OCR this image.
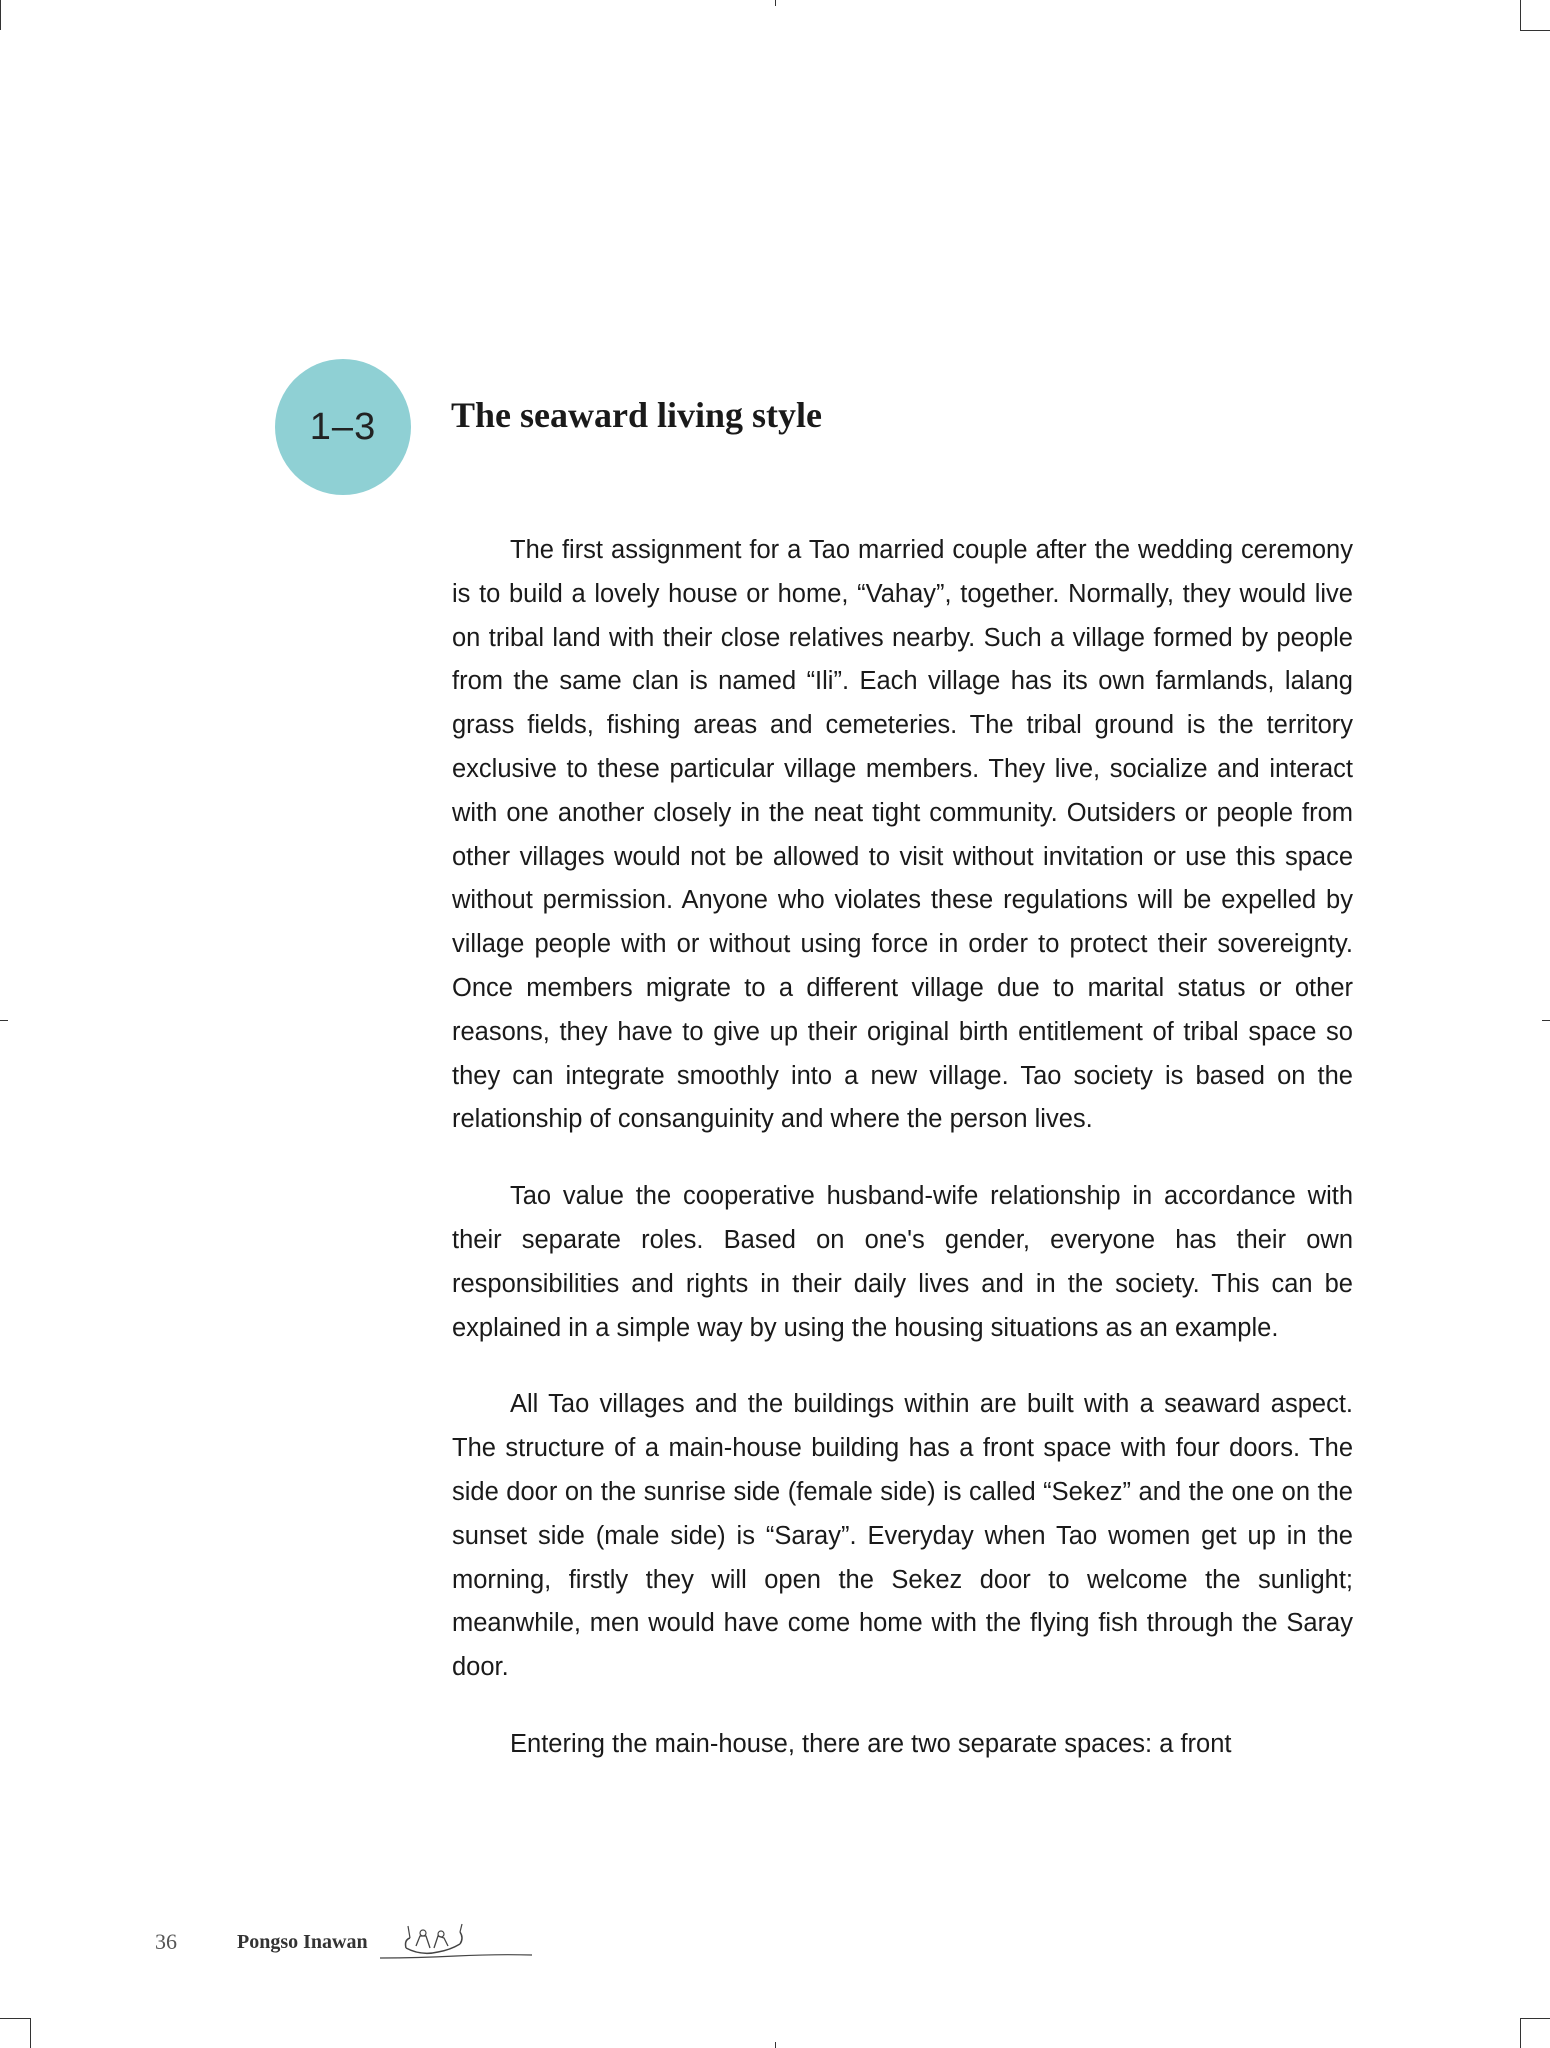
1–3 The seaward living style

The first assignment for a Tao married couple after the wedding ceremony is to build a lovely house or home, “Vahay”, together. Normally, they would live on tribal land with their close relatives nearby. Such a village formed by people from the same clan is named “Ili”. Each village has its own farmlands, lalang grass fields, fishing areas and cemeteries. The tribal ground is the territory exclusive to these particular village members. They live, socialize and interact with one another closely in the neat tight community. Outsiders or people from other villages would not be allowed to visit without invitation or use this space without permission. Anyone who violates these regulations will be expelled by village people with or without using force in order to protect their sovereignty. Once members migrate to a different village due to marital status or other reasons, they have to give up their original birth entitlement of tribal space so they can integrate smoothly into a new village. Tao society is based on the relationship of consanguinity and where the person lives.

Tao value the cooperative husband-wife relationship in accordance with their separate roles. Based on one's gender, everyone has their own responsibilities and rights in their daily lives and in the society. This can be explained in a simple way by using the housing situations as an example.

All Tao villages and the buildings within are built with a seaward aspect. The structure of a main-house building has a front space with four doors. The side door on the sunrise side (female side) is called “Sekez” and the one on the sunset side (male side) is “Saray”. Everyday when Tao women get up in the morning, firstly they will open the Sekez door to welcome the sunlight; meanwhile, men would have come home with the flying fish through the Saray door.

Entering the main-house, there are two separate spaces: a front

36	Pongso Inawan
